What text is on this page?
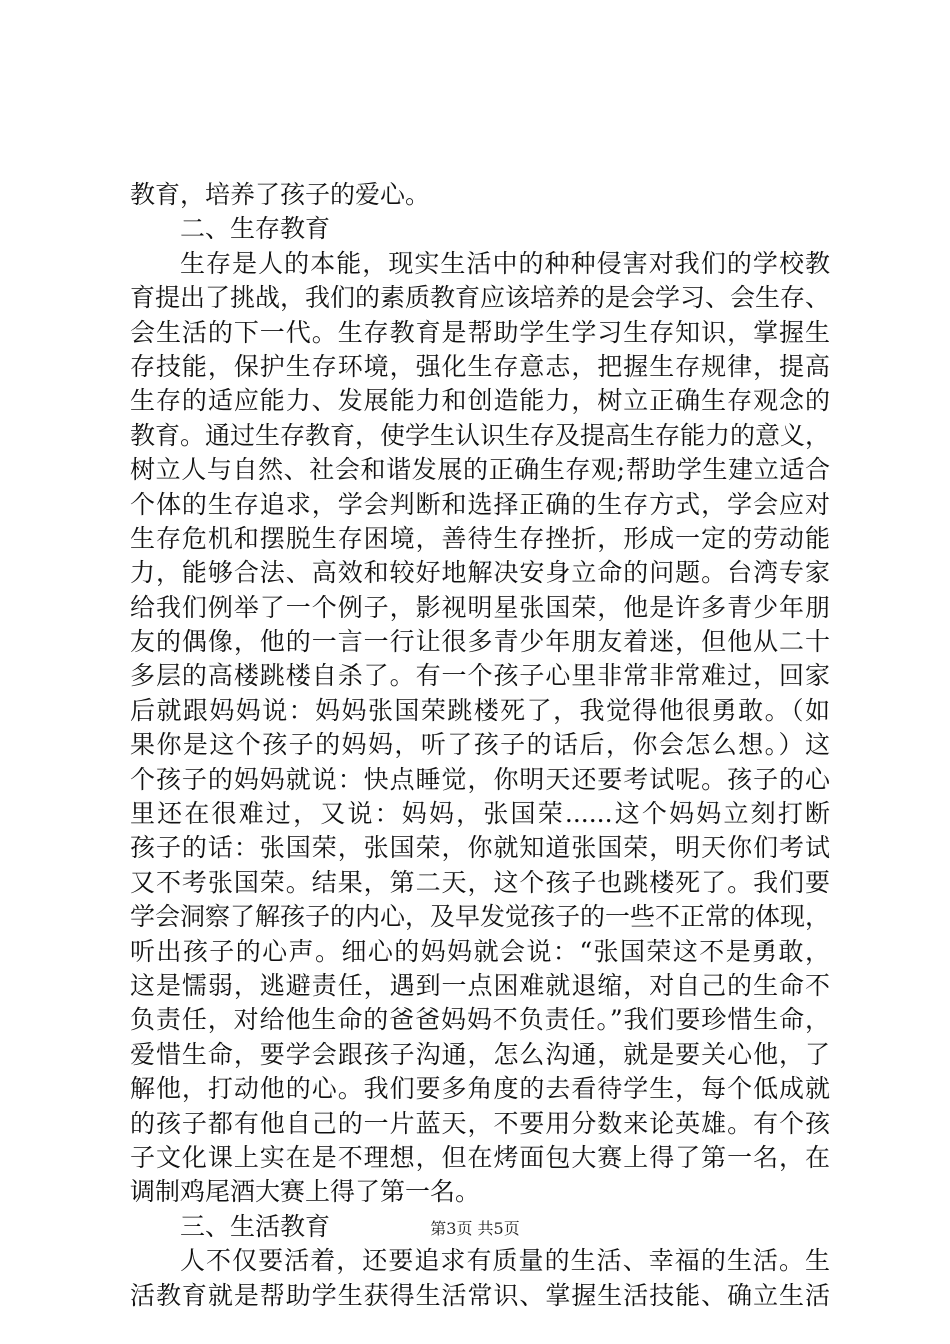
教育，培养了孩子的爱心。
二、生存教育
生存是人的本能，现实生活中的种种侵害对我们的学校教
育提出了挑战，我们的素质教育应该培养的是会学习、会生存、
会生活的下一代。生存教育是帮助学生学习生存知识，掌握生
存技能，保护生存环境，强化生存意志，把握生存规律，提高
生存的适应能力、发展能力和创造能力，树立正确生存观念的
教育。通过生存教育，使学生认识生存及提高生存能力的意义，
树立人与自然、社会和谐发展的正确生存观;帮助学生建立适合
个体的生存追求，学会判断和选择正确的生存方式，学会应对
生存危机和摆脱生存困境，善待生存挫折，形成一定的劳动能
力，能够合法、高效和较好地解决安身立命的问题。台湾专家
给我们例举了一个例子，影视明星张国荣，他是许多青少年朋
友的偶像，他的一言一行让很多青少年朋友着迷，但他从二十
多层的高楼跳楼自杀了。有一个孩子心里非常非常难过，回家
后就跟妈妈说：妈妈张国荣跳楼死了，我觉得他很勇敢。（如
果你是这个孩子的妈妈，听了孩子的话后，你会怎么想。）这
个孩子的妈妈就说：快点睡觉，你明天还要考试呢。孩子的心
里还在很难过，又说：妈妈，张国荣......这个妈妈立刻打断
孩子的话：张国荣，张国荣，你就知道张国荣，明天你们考试
又不考张国荣。结果，第二天，这个孩子也跳楼死了。我们要
学会洞察了解孩子的内心，及早发觉孩子的一些不正常的体现，
听出孩子的心声。细心的妈妈就会说：“张国荣这不是勇敢，
这是懦弱，逃避责任，遇到一点困难就退缩，对自己的生命不
负责任，对给他生命的爸爸妈妈不负责任。”我们要珍惜生命，
爱惜生命，要学会跟孩子沟通，怎么沟通，就是要关心他，了
解他，打动他的心。我们要多角度的去看待学生，每个低成就
的孩子都有他自己的一片蓝天，不要用分数来论英雄。有个孩
子文化课上实在是不理想，但在烤面包大赛上得了第一名，在
调制鸡尾酒大赛上得了第一名。
三、生活教育
人不仅要活着，还要追求有质量的生活、幸福的生活。生
活教育就是帮助学生获得生活常识、掌握生活技能、确立生活
第3页 共5页
